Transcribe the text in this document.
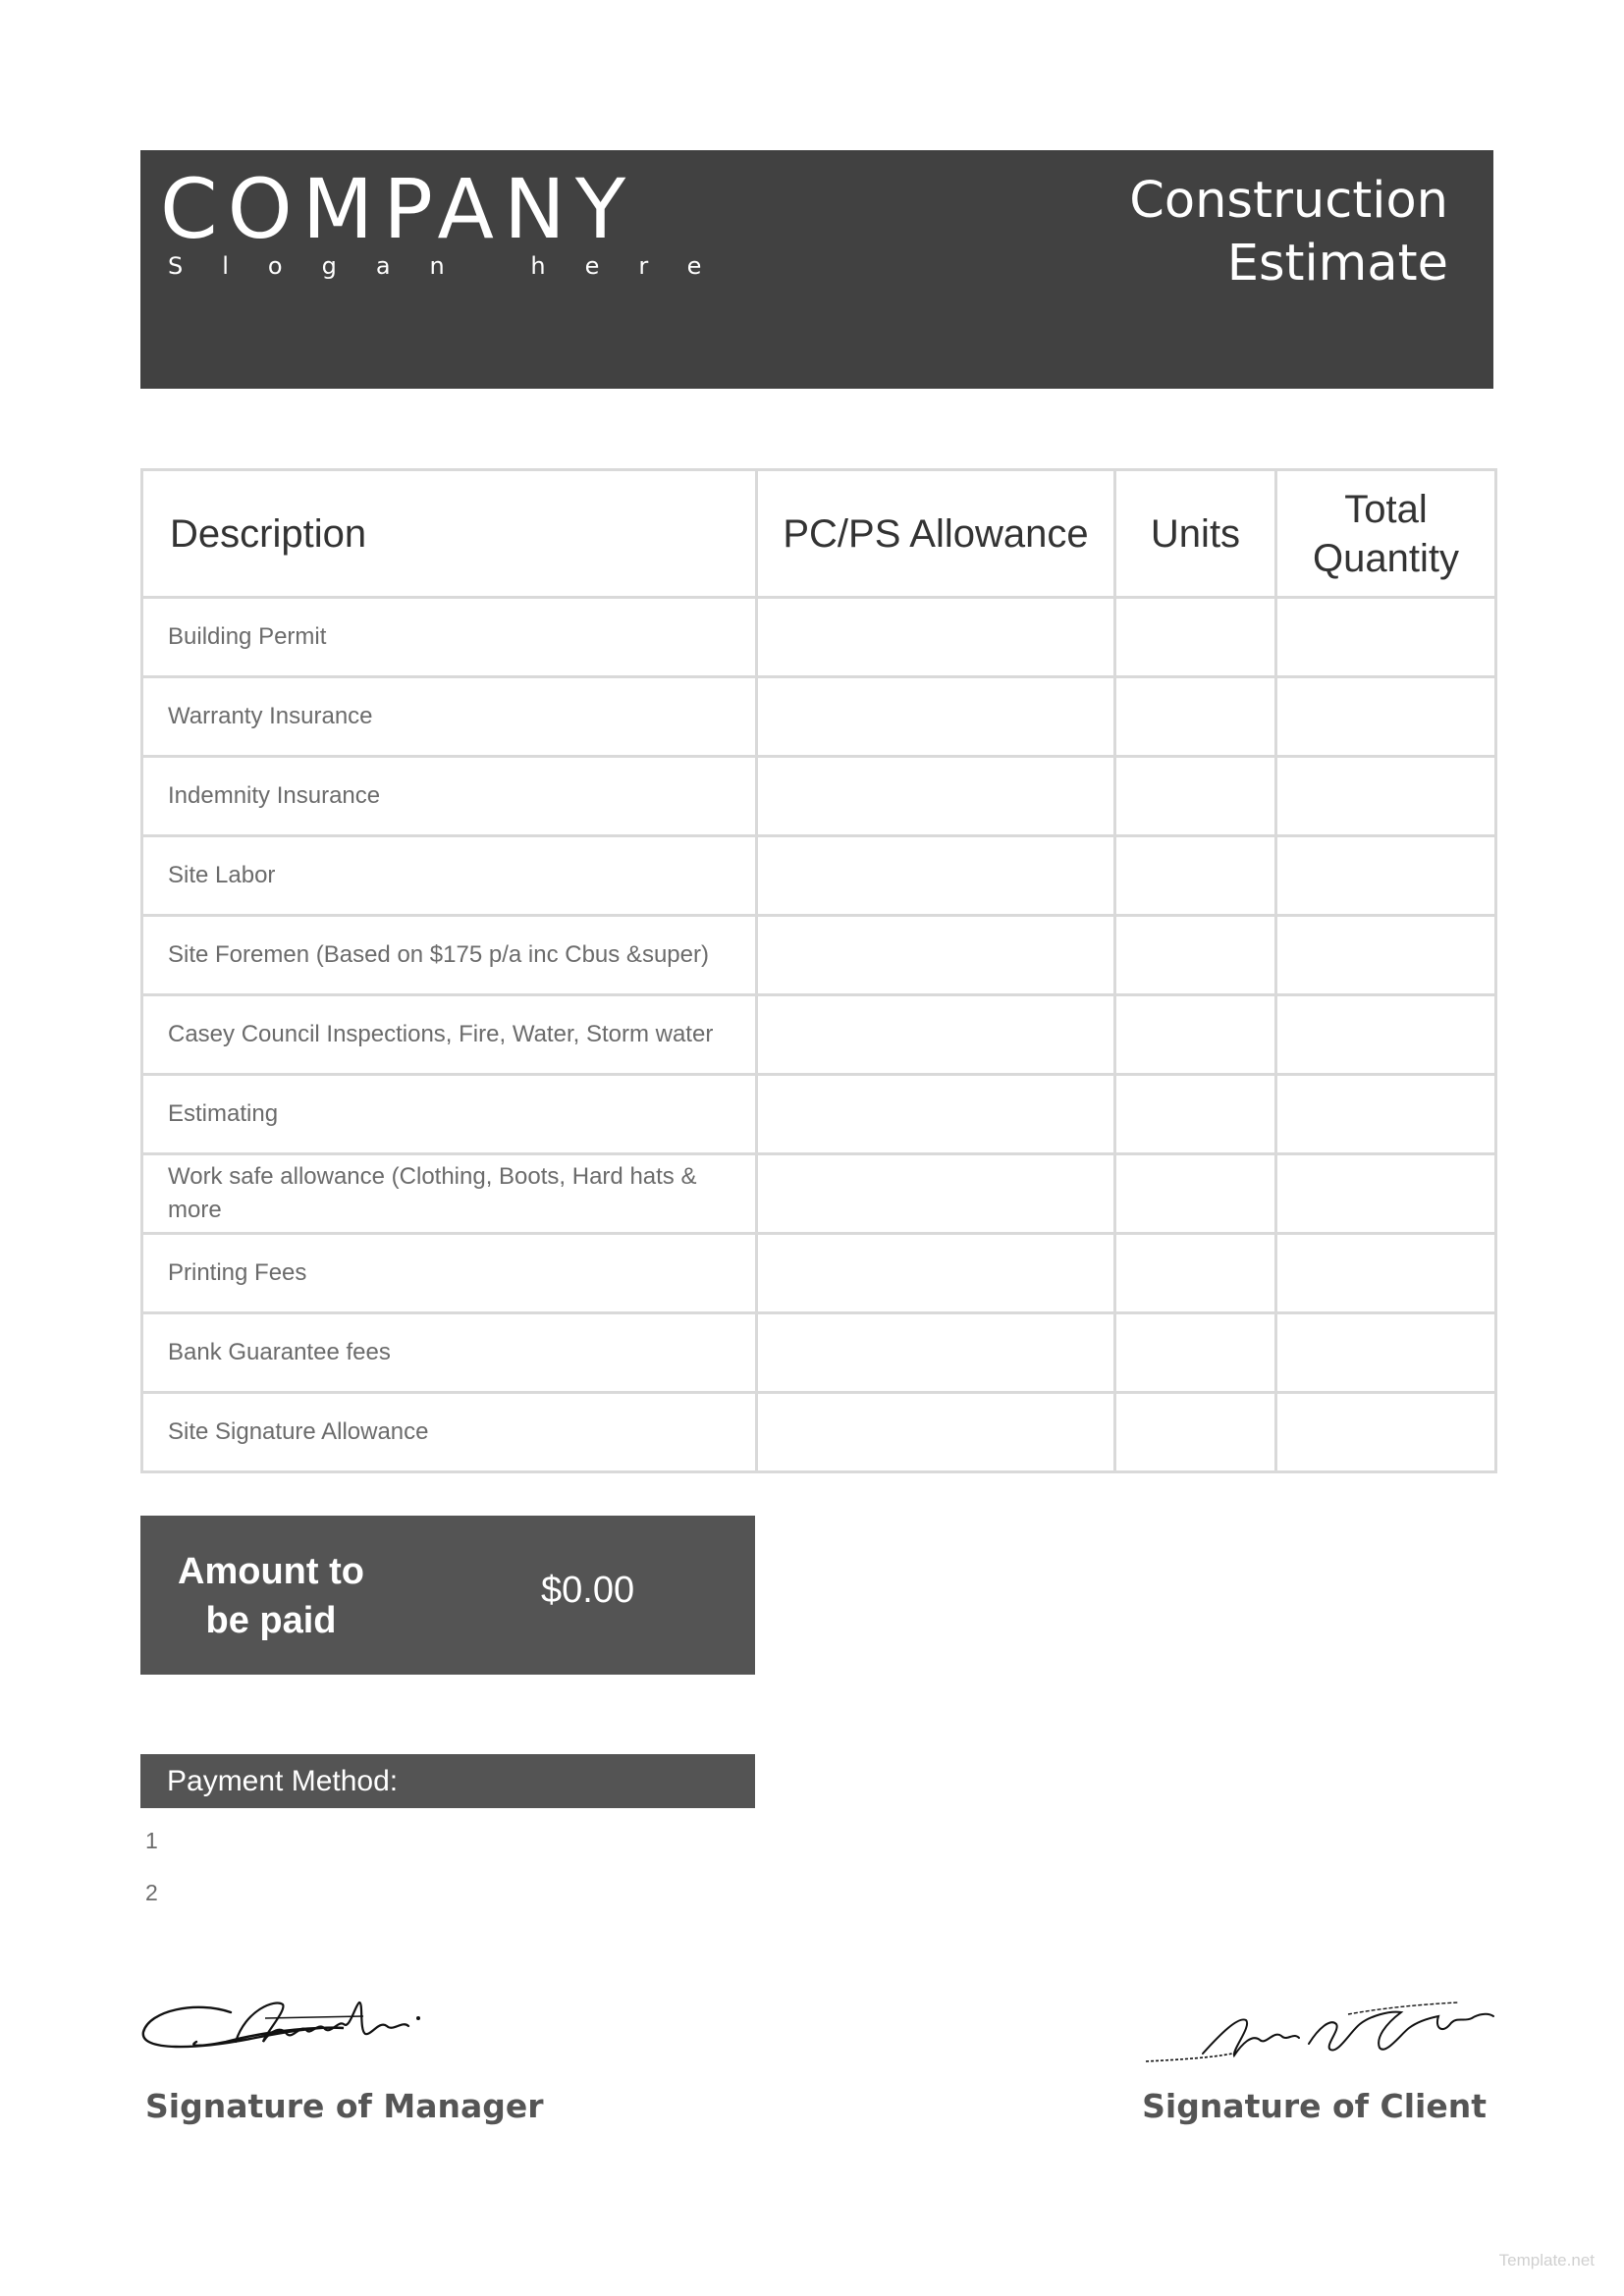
COMPANY
Slogan here
Construction
Estimate
Description	PC/PS Allowance	Units	Total Quantity
Building Permit			
Warranty Insurance			
Indemnity Insurance			
Site Labor			
Site Foremen (Based on $175 p/a inc Cbus &super)			
Casey Council Inspections, Fire, Water, Storm water			
Estimating			
Work safe allowance (Clothing, Boots, Hard hats & more			
Printing Fees			
Bank Guarantee fees			
Site Signature Allowance			
Amount to be paid
$0.00
Payment Method:
1
2
Signature of Manager	Signature of Client
Template.net
